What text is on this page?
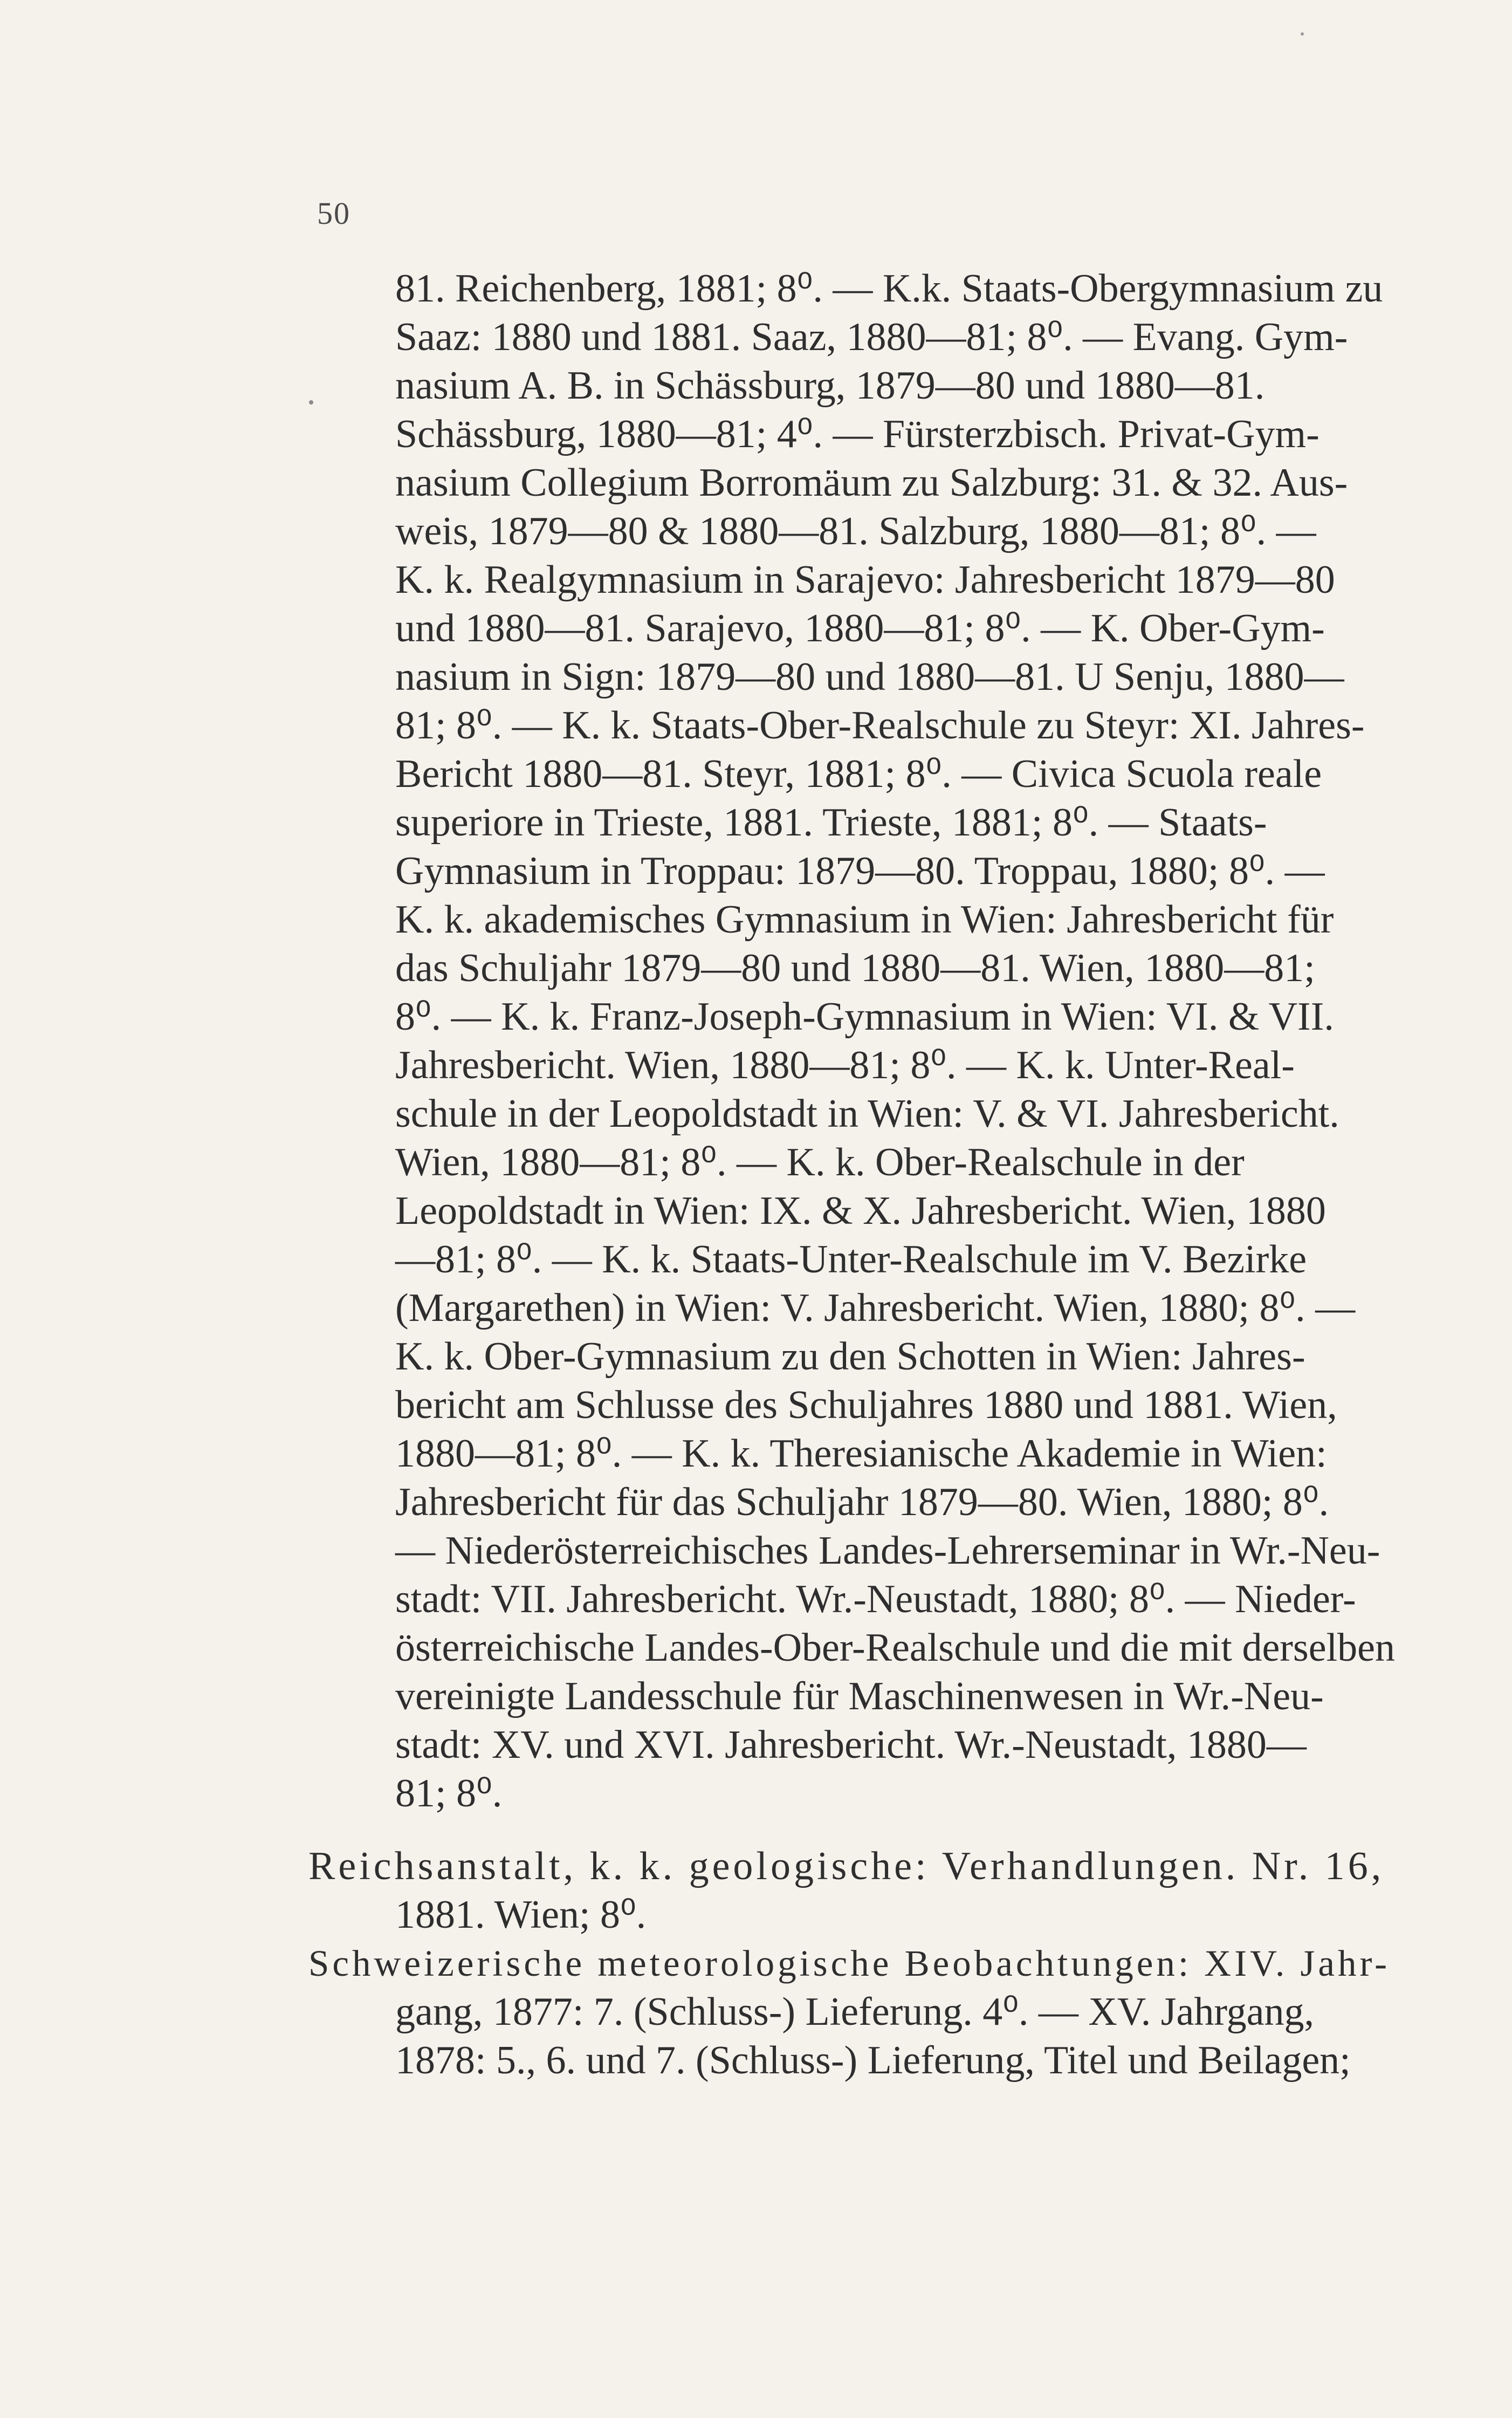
50
81. Reichenberg, 1881; 8⁰. — K.k. Staats-Obergymnasium zu
Saaz: 1880 und 1881. Saaz, 1880—81; 8⁰. — Evang. Gym-
nasium A. B. in Schässburg, 1879—80 und 1880—81.
Schässburg, 1880—81; 4⁰. — Fürsterzbisch. Privat-Gym-
nasium Collegium Borromäum zu Salzburg: 31. & 32. Aus-
weis, 1879—80 & 1880—81. Salzburg, 1880—81; 8⁰. —
K. k. Realgymnasium in Sarajevo: Jahresbericht 1879—80
und 1880—81. Sarajevo, 1880—81; 8⁰. — K. Ober-Gym-
nasium in Sign: 1879—80 und 1880—81. U Senju, 1880—
81; 8⁰. — K. k. Staats-Ober-Realschule zu Steyr: XI. Jahres-
Bericht 1880—81. Steyr, 1881; 8⁰. — Civica Scuola reale
superiore in Trieste, 1881. Trieste, 1881; 8⁰. — Staats-
Gymnasium in Troppau: 1879—80. Troppau, 1880; 8⁰. —
K. k. akademisches Gymnasium in Wien: Jahresbericht für
das Schuljahr 1879—80 und 1880—81. Wien, 1880—81;
8⁰. — K. k. Franz-Joseph-Gymnasium in Wien: VI. & VII.
Jahresbericht. Wien, 1880—81; 8⁰. — K. k. Unter-Real-
schule in der Leopoldstadt in Wien: V. & VI. Jahresbericht.
Wien, 1880—81; 8⁰. — K. k. Ober-Realschule in der
Leopoldstadt in Wien: IX. & X. Jahresbericht. Wien, 1880
—81; 8⁰. — K. k. Staats-Unter-Realschule im V. Bezirke
(Margarethen) in Wien: V. Jahresbericht. Wien, 1880; 8⁰. —
K. k. Ober-Gymnasium zu den Schotten in Wien: Jahres-
bericht am Schlusse des Schuljahres 1880 und 1881. Wien,
1880—81; 8⁰. — K. k. Theresianische Akademie in Wien:
Jahresbericht für das Schuljahr 1879—80. Wien, 1880; 8⁰.
— Niederösterreichisches Landes-Lehrerseminar in Wr.-Neu-
stadt: VII. Jahresbericht. Wr.-Neustadt, 1880; 8⁰. — Nieder-
österreichische Landes-Ober-Realschule und die mit derselben
vereinigte Landesschule für Maschinenwesen in Wr.-Neu-
stadt: XV. und XVI. Jahresbericht. Wr.-Neustadt, 1880—
81; 8⁰.
Reichsanstalt, k. k. geologische: Verhandlungen. Nr. 16,
1881. Wien; 8⁰.
Schweizerische meteorologische Beobachtungen: XIV. Jahr-
gang, 1877: 7. (Schluss-) Lieferung. 4⁰. — XV. Jahrgang,
1878: 5., 6. und 7. (Schluss-) Lieferung, Titel und Beilagen;
